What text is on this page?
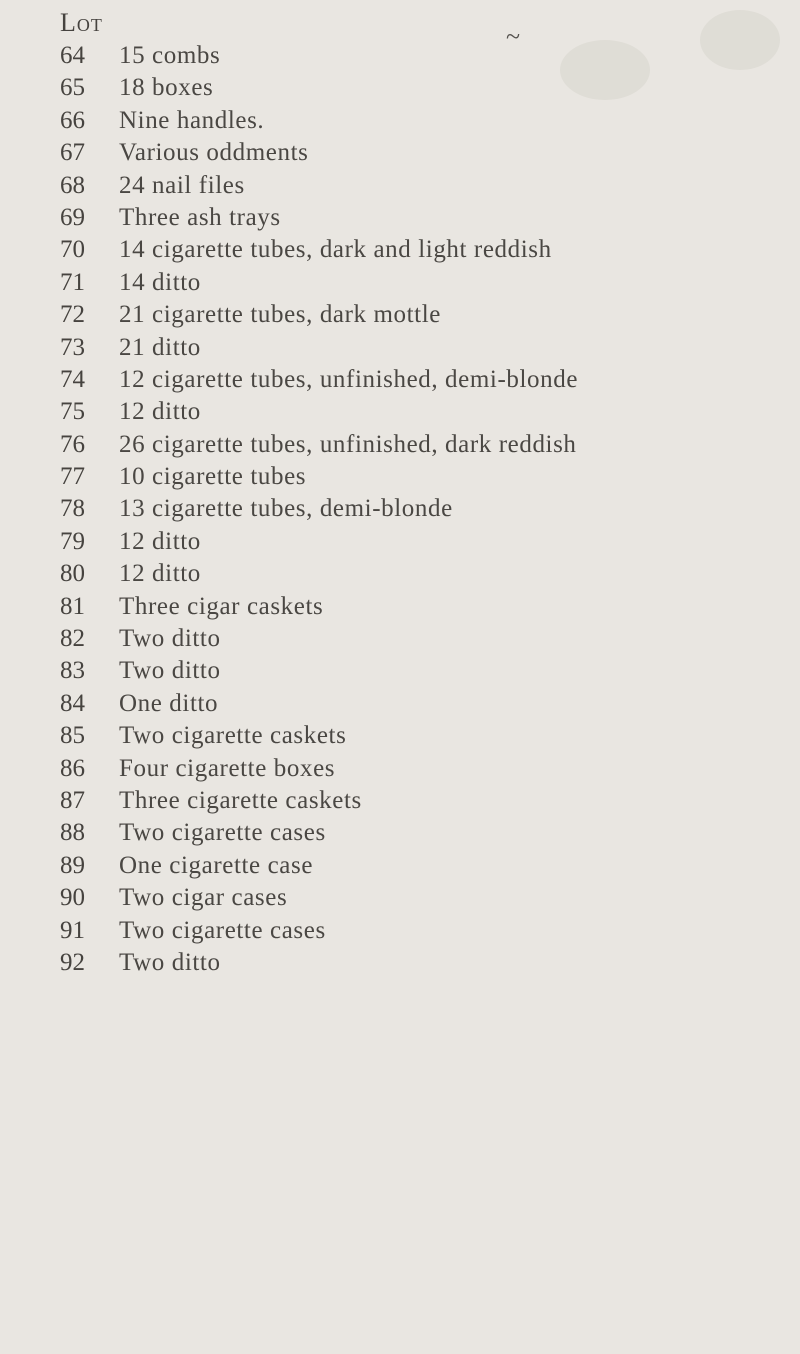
Lot	~
64 15 combs
65 18 boxes
66 Nine handles.
67 Various oddments
68 24 nail files
69 Three ash trays
70 14 cigarette tubes, dark and light reddish
71 14 ditto
72 21 cigarette tubes, dark mottle
73 21 ditto
74 12 cigarette tubes, unfinished, demi-blonde
75 12 ditto
76 26 cigarette tubes, unfinished, dark reddish
77 10 cigarette tubes
78 13 cigarette tubes, demi-blonde
79 12 ditto
80 12 ditto
81 Three cigar caskets
82 Two ditto
83 Two ditto
84 One ditto
85 Two cigarette caskets
86 Four cigarette boxes
87 Three cigarette caskets
88 Two cigarette cases
89 One cigarette case
90 Two cigar cases
91 Two cigarette cases
92 Two ditto
